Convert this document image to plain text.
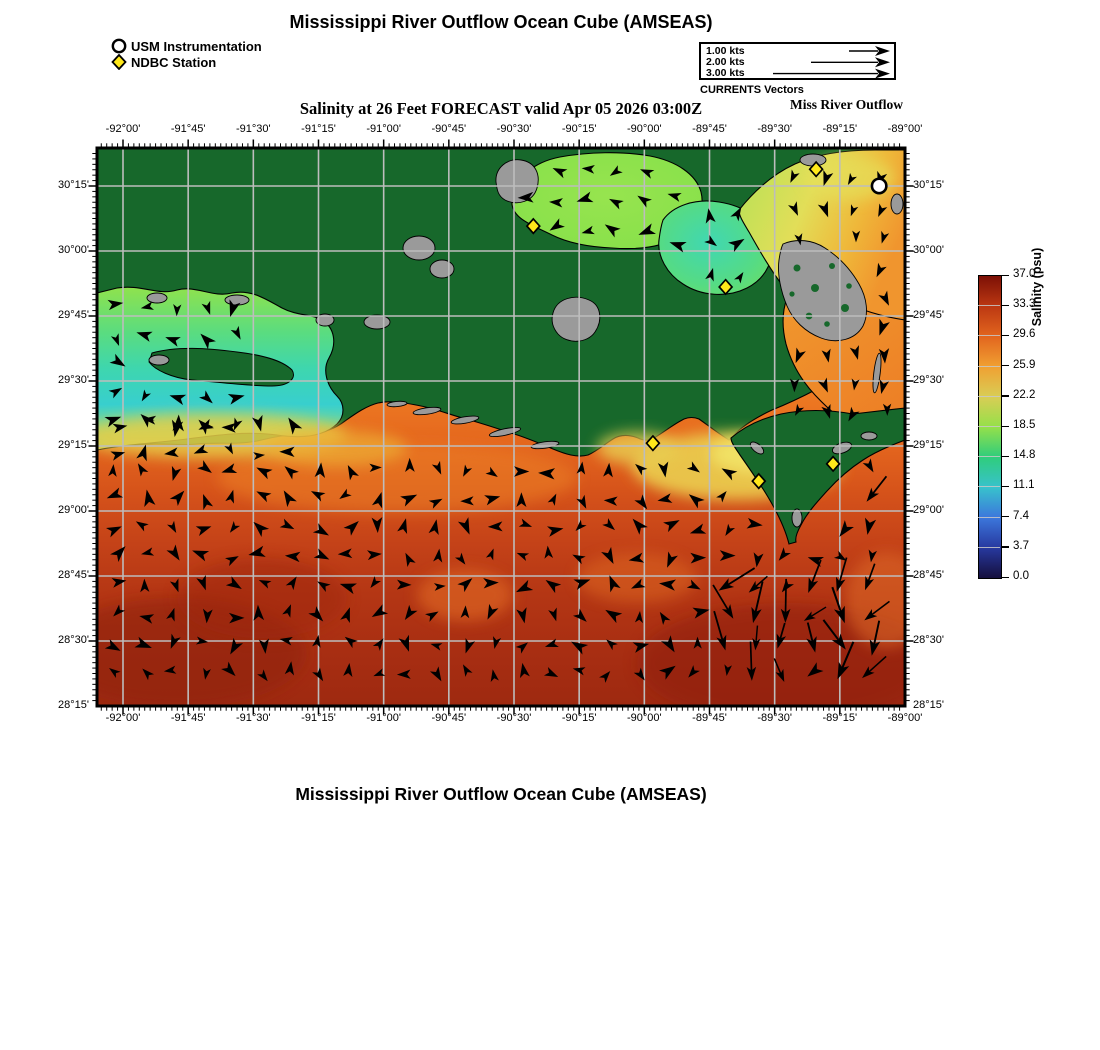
Mississippi River Outflow Ocean Cube (AMSEAS)
USM Instrumentation
NDBC Station
1.00 kts
2.00 kts
3.00 kts
CURRENTS Vectors
Miss River Outflow
Salinity at 26 Feet FORECAST valid Apr 05 2026 03:00Z
-92°00'
-92°00'
-91°45'
-91°45'
-91°30'
-91°30'
-91°15'
-91°15'
-91°00'
-91°00'
-90°45'
-90°45'
-90°30'
-90°30'
-90°15'
-90°15'
-90°00'
-90°00'
-89°45'
-89°45'
-89°30'
-89°30'
-89°15'
-89°15'
-89°00'
-89°00'
30°15'	30°15'
30°00'	30°00'
29°45'	29°45'
29°30'	29°30'
29°15'	29°15'
29°00'	29°00'
28°45'	28°45'
28°30'	28°30'
28°15'	28°15'
37.0
33.3
29.6
25.9
22.2
18.5
14.8
11.1
7.4
3.7
0.0
Salinity (psu)
Mississippi River Outflow Ocean Cube (AMSEAS)
